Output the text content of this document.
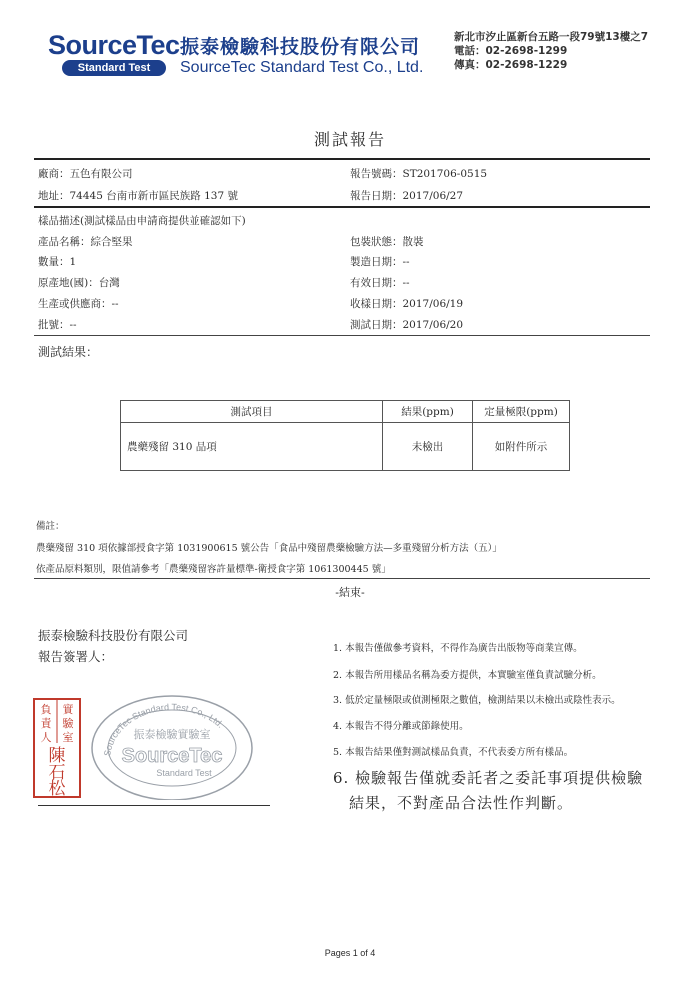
SourceTec
Standard Test
振泰檢驗科技股份有限公司
SourceTec Standard Test Co., Ltd.
新北市汐止區新台五路一段79號13樓之7
電話：02-2698-1299
傳真：02-2698-1229
測試報告
廠商：五色有限公司	報告號碼：ST201706-0515
地址：74445 台南市新市區民族路 137 號	報告日期：2017/06/27
樣品描述(測試樣品由申請商提供並確認如下)
產品名稱：綜合堅果	包裝狀態：散裝
數量：1	製造日期：--
原產地(國)：台灣	有效日期：--
生產或供應商：--	收樣日期：2017/06/19
批號：--	測試日期：2017/06/20
測試結果：
測試項目	結果(ppm)	定量極限(ppm)
農藥殘留 310 品項	未檢出	如附件所示
備註：
農藥殘留 310 項依據部授食字第 1031900615 號公告「食品中殘留農藥檢驗方法—多重殘留分析方法（五）」
依產品原料類別，限值請參考「農藥殘留容許量標準-衛授食字第 1061300445 號」
-結束-
振泰檢驗科技股份有限公司
報告簽署人：
實
驗
室
負
責
人
陳
石
松
SourceTec Standard Test Co., Ltd.
振泰檢驗實驗室
SourceTec
Standard Test
1. 本報告僅做參考資料，不得作為廣告出版物等商業宣傳。
2. 本報告所用樣品名稱為委方提供，本實驗室僅負責試驗分析。
3. 低於定量極限或偵測極限之數值，檢測結果以未檢出或陰性表示。
4. 本報告不得分離或節錄使用。
5. 本報告結果僅對測試樣品負責，不代表委方所有樣品。
6. 檢驗報告僅就委託者之委託事項提供檢驗
結果，不對產品合法性作判斷。
Pages 1 of 4
